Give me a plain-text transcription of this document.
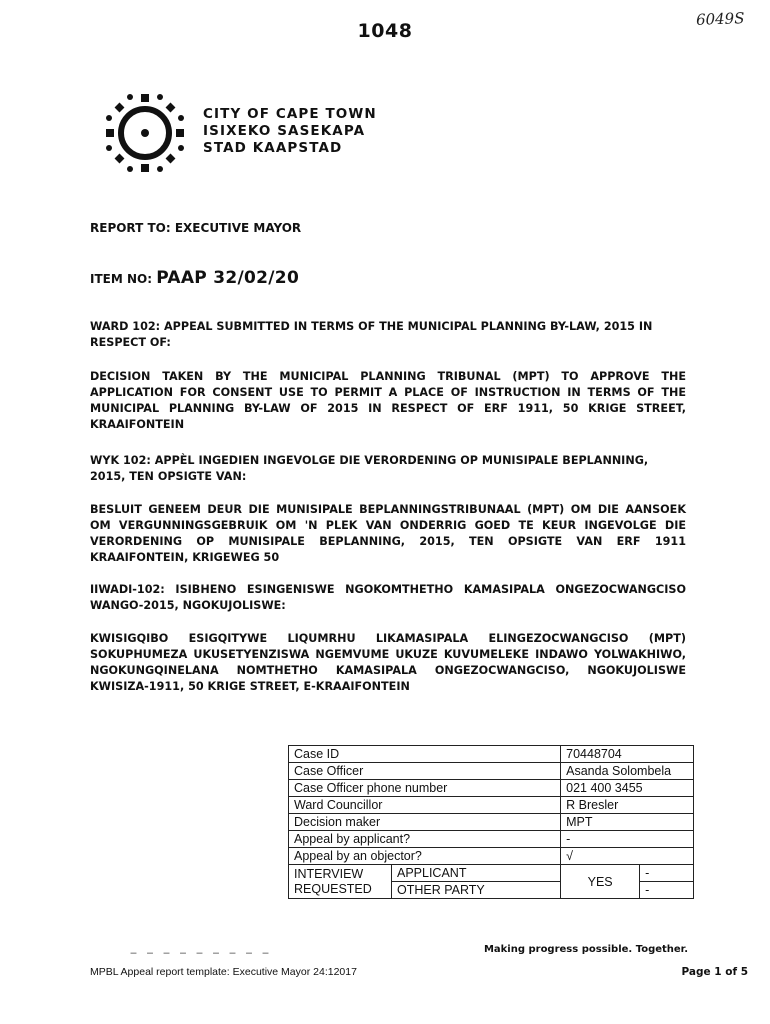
1048
6049S
CITY OF CAPE TOWN
ISIXEKO SASEKAPA
STAD KAAPSTAD
REPORT TO: EXECUTIVE MAYOR
ITEM NO: PAAP 32/02/20
WARD 102: APPEAL SUBMITTED IN TERMS OF THE MUNICIPAL PLANNING BY-LAW, 2015 IN RESPECT OF:
DECISION TAKEN BY THE MUNICIPAL PLANNING TRIBUNAL (MPT) TO APPROVE THE APPLICATION FOR CONSENT USE TO PERMIT A PLACE OF INSTRUCTION IN TERMS OF THE MUNICIPAL PLANNING BY-LAW OF 2015 IN RESPECT OF ERF 1911, 50 KRIGE STREET, KRAAIFONTEIN
WYK 102: APPÈL INGEDIEN INGEVOLGE DIE VERORDENING OP MUNISIPALE BEPLANNING, 2015, TEN OPSIGTE VAN:
BESLUIT GENEEM DEUR DIE MUNISIPALE BEPLANNINGSTRIBUNAAL (MPT) OM DIE AANSOEK OM VERGUNNINGSGEBRUIK OM 'N PLEK VAN ONDERRIG GOED TE KEUR INGEVOLGE DIE VERORDENING OP MUNISIPALE BEPLANNING, 2015, TEN OPSIGTE VAN ERF 1911 KRAAIFONTEIN, KRIGEWEG 50
IIWADI-102: ISIBHENO ESINGENISWE NGOKOMTHETHO KAMASIPALA ONGEZOCWANGCISO WANGO-2015, NGOKUJOLISWE:
KWISIGQIBO ESIGQITYWE LIQUMRHU LIKAMASIPALA ELINGEZOCWANGCISO (MPT) SOKUPHUMEZA UKUSETYENZISWA NGEMVUME UKUZE KUVUMELEKE INDAWO YOLWAKHIWO, NGOKUNGQINELANA NOMTHETHO KAMASIPALA ONGEZOCWANGCISO, NGOKUJOLISWE KWISIZA-1911, 50 KRIGE STREET, E-KRAAIFONTEIN
Case ID		70448704	
Case Officer		Asanda Solombela	
Case Officer phone number		021 400 3455	
Ward Councillor		R Bresler	
Decision maker		MPT	
Appeal by applicant?		-	
Appeal by an objector?		√	

INTERVIEW
REQUESTED	APPLICANT	YES	-
	OTHER PARTY		-
‒ ‒ ‒ ‒ ‒ ‒ ‒ ‒ ‒	Making progress possible. Together.
MPBL Appeal report template: Executive Mayor 24:12017	Page 1 of 5
